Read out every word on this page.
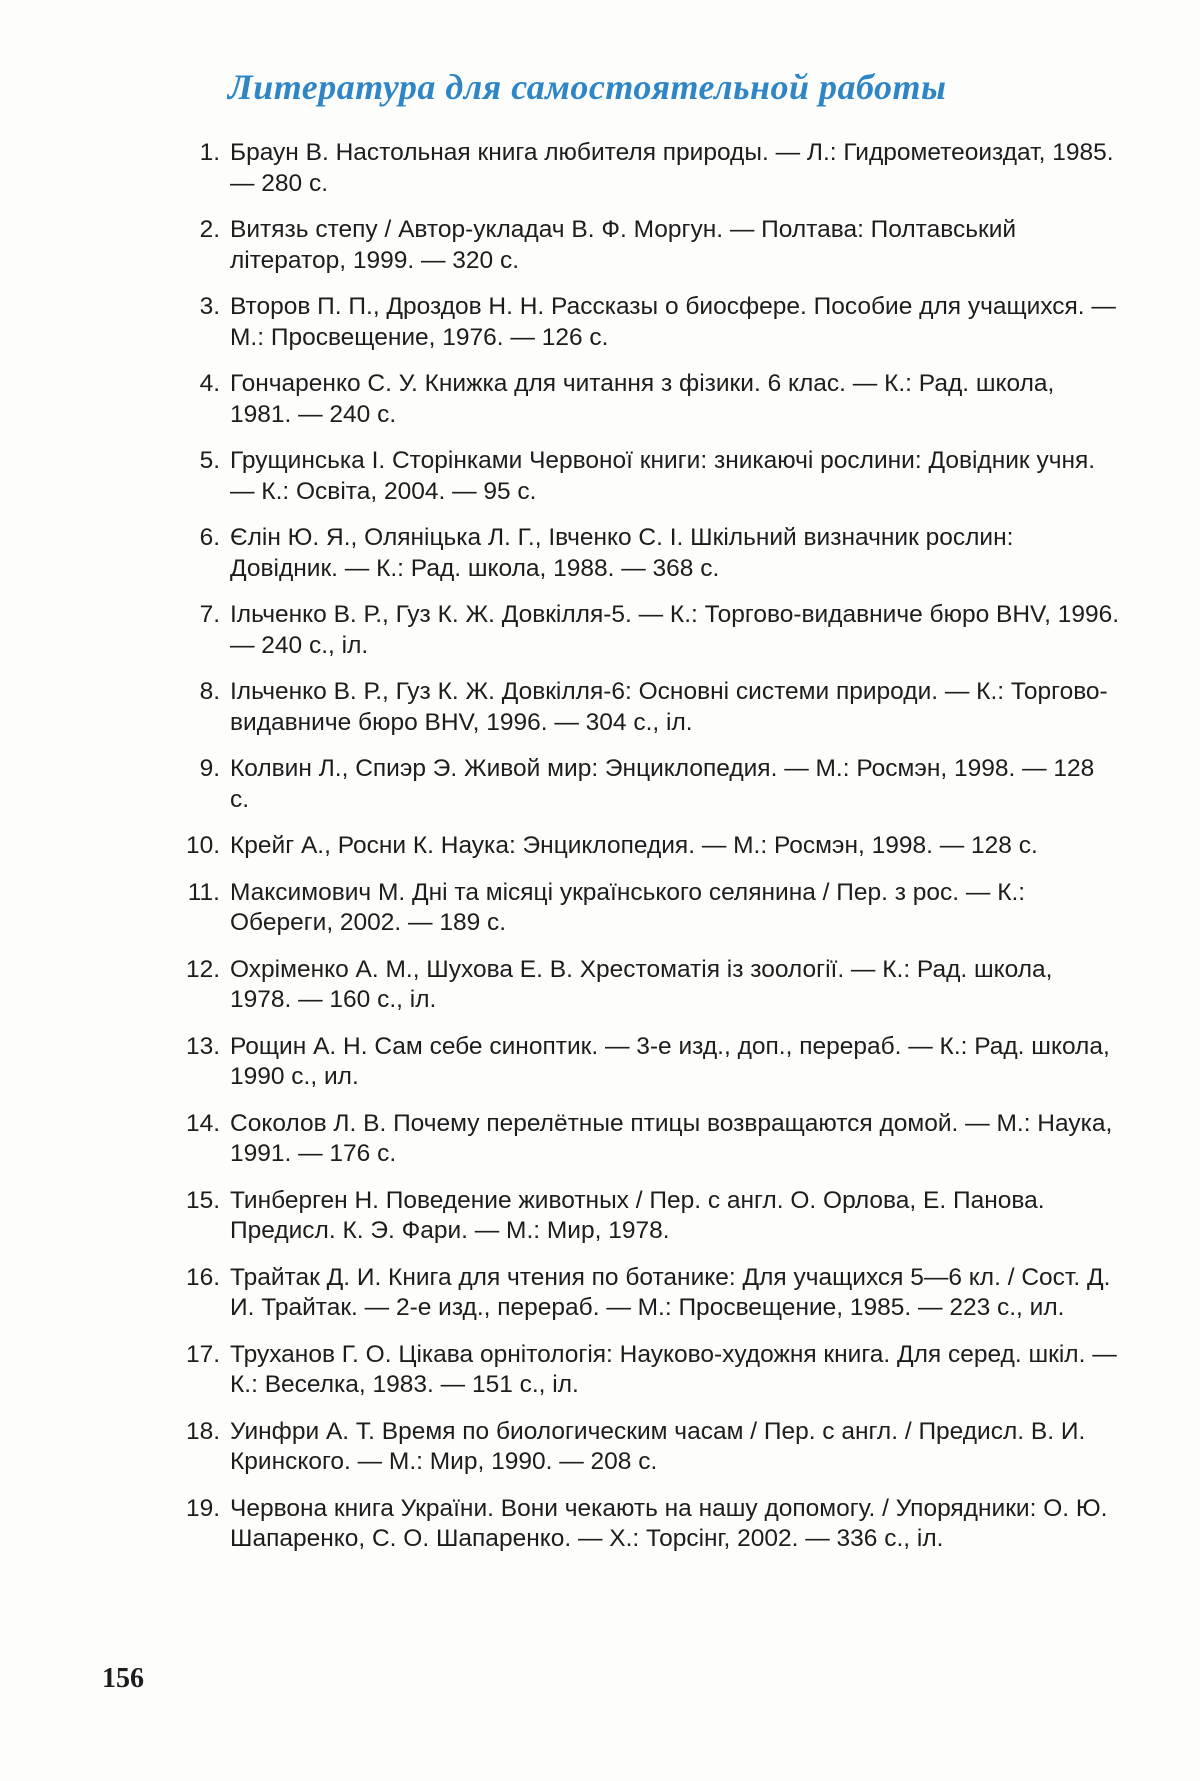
Литература для самостоятельной работы
1. Браун В. Настольная книга любителя природы. — Л.: Гидрометеоиздат, 1985. — 280 с.
2. Витязь степу / Автор-укладач В. Ф. Моргун. — Полтава: Полтавський літератор, 1999. — 320 с.
3. Второв П. П., Дроздов Н. Н. Рассказы о биосфере. Пособие для учащихся. — М.: Просвещение, 1976. — 126 с.
4. Гончаренко С. У. Книжка для читання з фізики. 6 клас. — К.: Рад. школа, 1981. — 240 с.
5. Грущинська І. Сторінками Червоної книги: зникаючі рослини: Довідник учня. — К.: Освіта, 2004. — 95 с.
6. Єлін Ю. Я., Оляніцька Л. Г., Івченко С. І. Шкільний визначник рослин: Довідник. — К.: Рад. школа, 1988. — 368 с.
7. Ільченко В. Р., Гуз К. Ж. Довкілля-5. — К.: Торгово-видавниче бюро BHV, 1996. — 240 с., іл.
8. Ільченко В. Р., Гуз К. Ж. Довкілля-6: Основні системи природи. — К.: Торгово-видавниче бюро BHV, 1996. — 304 с., іл.
9. Колвин Л., Спиэр Э. Живой мир: Энциклопедия. — М.: Росмэн, 1998. — 128 с.
10. Крейг А., Росни К. Наука: Энциклопедия. — М.: Росмэн, 1998. — 128 с.
11. Максимович М. Дні та місяці українського селянина / Пер. з рос. — К.: Обереги, 2002. — 189 с.
12. Охріменко А. М., Шухова Е. В. Хрестоматія із зоології. — К.: Рад. школа, 1978. — 160 с., іл.
13. Рощин А. Н. Сам себе синоптик. — 3-е изд., доп., перераб. — К.: Рад. школа, 1990 с., ил.
14. Соколов Л. В. Почему перелётные птицы возвращаются домой. — М.: Наука, 1991. — 176 с.
15. Тинберген Н. Поведение животных / Пер. с англ. О. Орлова, Е. Панова. Предисл. К. Э. Фари. — М.: Мир, 1978.
16. Трайтак Д. И. Книга для чтения по ботанике: Для учащихся 5—6 кл. / Сост. Д. И. Трайтак. — 2-е изд., перераб. — М.: Просвещение, 1985. — 223 с., ил.
17. Труханов Г. О. Цікава орнітологія: Науково-художня книга. Для серед. шкіл. — К.: Веселка, 1983. — 151 с., іл.
18. Уинфри А. Т. Время по биологическим часам / Пер. с англ. / Предисл. В. И. Кринского. — М.: Мир, 1990. — 208 с.
19. Червона книга України. Вони чекають на нашу допомогу. / Упорядники: О. Ю. Шапаренко, С. О. Шапаренко. — Х.: Торсінг, 2002. — 336 с., іл.
156
